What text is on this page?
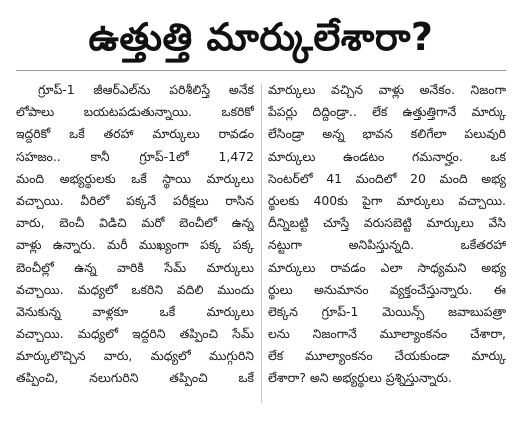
ఉత్తుత్తి మార్కులేశారా?
గ్రూప్‌-1 జీఆర్‌ఎల్‌ను పరిశీలిస్తే అనేక
లోపాలు బయటపడుతున్నాయి. ఒకరికో
ఇద్దరికో ఒకే తరహా మార్కులు రావడం
సహజం.. కానీ గ్రూప్‌-1లో 1,472
మంది అభ్యర్థులకు ఒకే స్థాయి మార్కులు
వచ్చాయి. వీరిలో పక్కనే పరీక్షలు రాసిన
వారు, బెంచీ విడిచి మరో బెంచీలో ఉన్న
వాళ్లు ఉన్నారు. మరీ ముఖ్యంగా పక్క పక్క
బెంచీల్లో ఉన్న వారికి సేమ్‌ మార్కులు
వచ్చాయి. మధ్యలో ఒకరిని వదిలి ముందు
వెనుకున్న వాళ్లకూ ఒకే మార్కులు
వచ్చాయి. మధ్యలో ఇద్దరిని తప్పించి సేమ్‌
మార్కులొచ్చిన వారు, మధ్యలో ముగ్గురిని
తప్పించి, నలుగురిని తప్పించి ఒకే
మార్కులు వచ్చిన వాళ్లు అనేకం. నిజంగా
పేపర్లు దిద్దిండ్రా.. లేక ఉత్తుత్తిగానే మార్కు
లేసిండ్రా అన్న భావన కలిగేలా పలువురి
మార్కులు ఉండటం గమనార్హం. ఒక
సెంటర్‌లో 41 మందిలో 20 మంది అభ్య
ర్థులకు 400కు పైగా మార్కులు వచ్చాయి.
దీన్నిబట్టి చూస్తే వరుసబెట్టి మార్కులు వేసి
నట్టుగా అనిపిస్తున్నది. ఒకేతరహా
మార్కులు రావడం ఎలా సాధ్యమని అభ్య
ర్థులు అనుమానం వ్యక్తంచేస్తున్నారు. ఈ
లెక్కన గ్రూప్‌-1 మెయిన్స్‌ జవాబుపత్రా
లను నిజంగానే మూల్యాంకనం చేశారా,
లేక మూల్యాంకనం చేయకుండా మార్కు
లేశారా? అని అభ్యర్థులు ప్రశ్నిస్తున్నారు.
